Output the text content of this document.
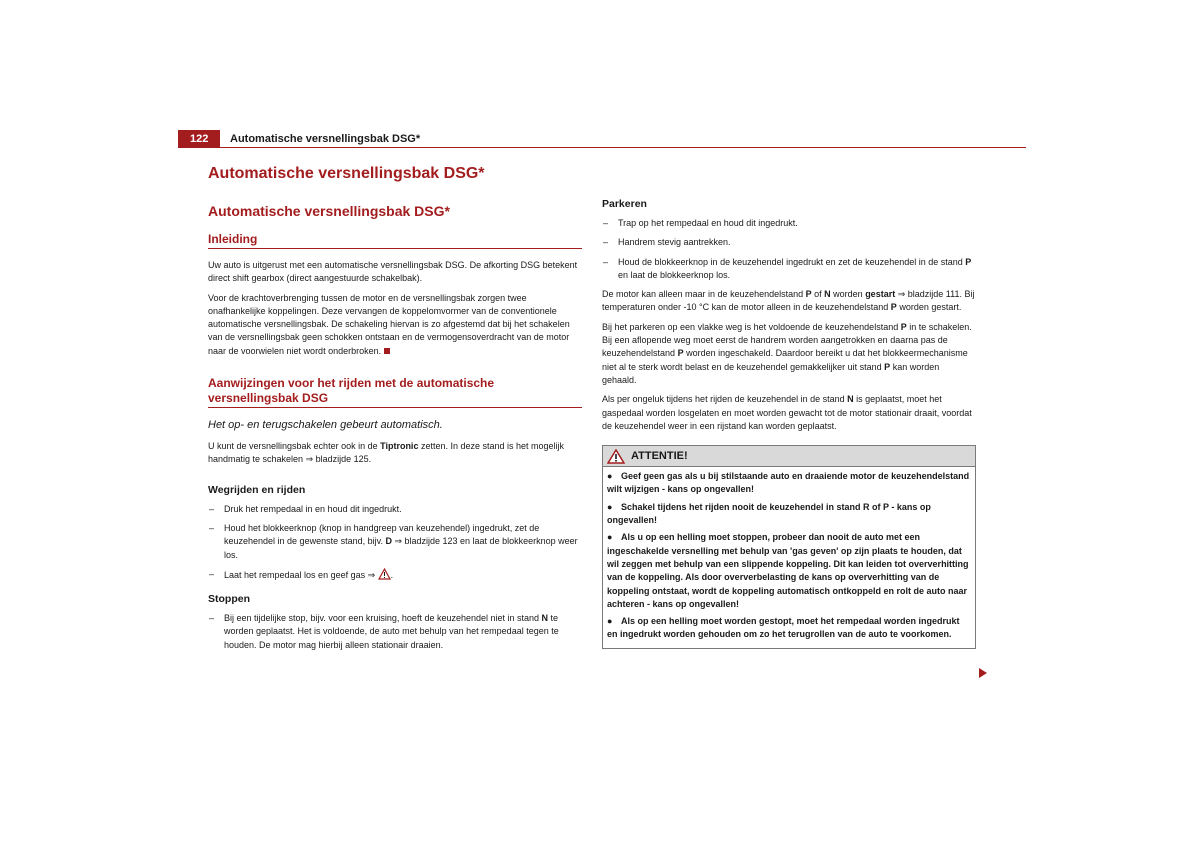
122	Automatische versnellingsbak DSG*
Automatische versnellingsbak DSG*
Automatische versnellingsbak DSG*
Inleiding

Uw auto is uitgerust met een automatische versnellingsbak DSG. De afkorting DSG betekent direct shift gearbox (direct aangestuurde schakelbak).

Voor de krachtoverbrenging tussen de motor en de versnellingsbak zorgen twee onafhankelijke koppelingen. Deze vervangen de koppelomvormer van de conventionele automatische versnellingsbak. De schakeling hiervan is zo afgestemd dat bij het schakelen van de versnellingsbak geen schokken ontstaan en de vermogensoverdracht van de motor naar de voorwielen niet wordt onderbroken.

Aanwijzingen voor het rijden met de automatische versnellingsbak DSG
Het op- en terugschakelen gebeurt automatisch.

U kunt de versnellingsbak echter ook in de Tiptronic zetten. In deze stand is het mogelijk handmatig te schakelen ⇒ bladzijde 125.

Wegrijden en rijden
– Druk het rempedaal in en houd dit ingedrukt.
– Houd het blokkeerknop (knop in handgreep van keuzehendel) ingedrukt, zet de keuzehendel in de gewenste stand, bijv. D ⇒ bladzijde 123 en laat de blokkeerknop weer los.
– Laat het rempedaal los en geef gas ⇒ .
Stoppen
– Bij een tijdelijke stop, bijv. voor een kruising, hoeft de keuzehendel niet in stand N te worden geplaatst. Het is voldoende, de auto met behulp van het rempedaal tegen te houden. De motor mag hierbij alleen stationair draaien.
Parkeren
– Trap op het rempedaal en houd dit ingedrukt.
– Handrem stevig aantrekken.
– Houd de blokkeerknop in de keuzehendel ingedrukt en zet de keuzehendel in de stand P en laat de blokkeerknop los.

De motor kan alleen maar in de keuzehendelstand P of N worden gestart ⇒ bladzijde 111. Bij temperaturen onder -10 °C kan de motor alleen in de keuzehendelstand P worden gestart.

Bij het parkeren op een vlakke weg is het voldoende de keuzehendelstand P in te schakelen. Bij een aflopende weg moet eerst de handrem worden aangetrokken en daarna pas de keuzehendelstand P worden ingeschakeld. Daardoor bereikt u dat het blokkeermechanisme niet al te sterk wordt belast en de keuzehendel gemakkelijker uit stand P kan worden gehaald.

Als per ongeluk tijdens het rijden de keuzehendel in de stand N is geplaatst, moet het gaspedaal worden losgelaten en moet worden gewacht tot de motor stationair draait, voordat de keuzehendel weer in een rijstand kan worden geplaatst.

ATTENTIE!

● Geef geen gas als u bij stilstaande auto en draaiende motor de keuzehendelstand wilt wijzigen - kans op ongevallen!

● Schakel tijdens het rijden nooit de keuzehendel in stand R of P - kans op ongevallen!

● Als u op een helling moet stoppen, probeer dan nooit de auto met een ingeschakelde versnelling met behulp van 'gas geven' op zijn plaats te houden, dat wil zeggen met behulp van een slippende koppeling. Dit kan leiden tot oververhitting van de koppeling. Als door oververbelasting de kans op oververhitting van de koppeling ontstaat, wordt de koppeling automatisch ontkoppeld en rolt de auto naar achteren - kans op ongevallen!

● Als op een helling moet worden gestopt, moet het rempedaal worden ingedrukt en ingedrukt worden gehouden om zo het terugrollen van de auto te voorkomen.
